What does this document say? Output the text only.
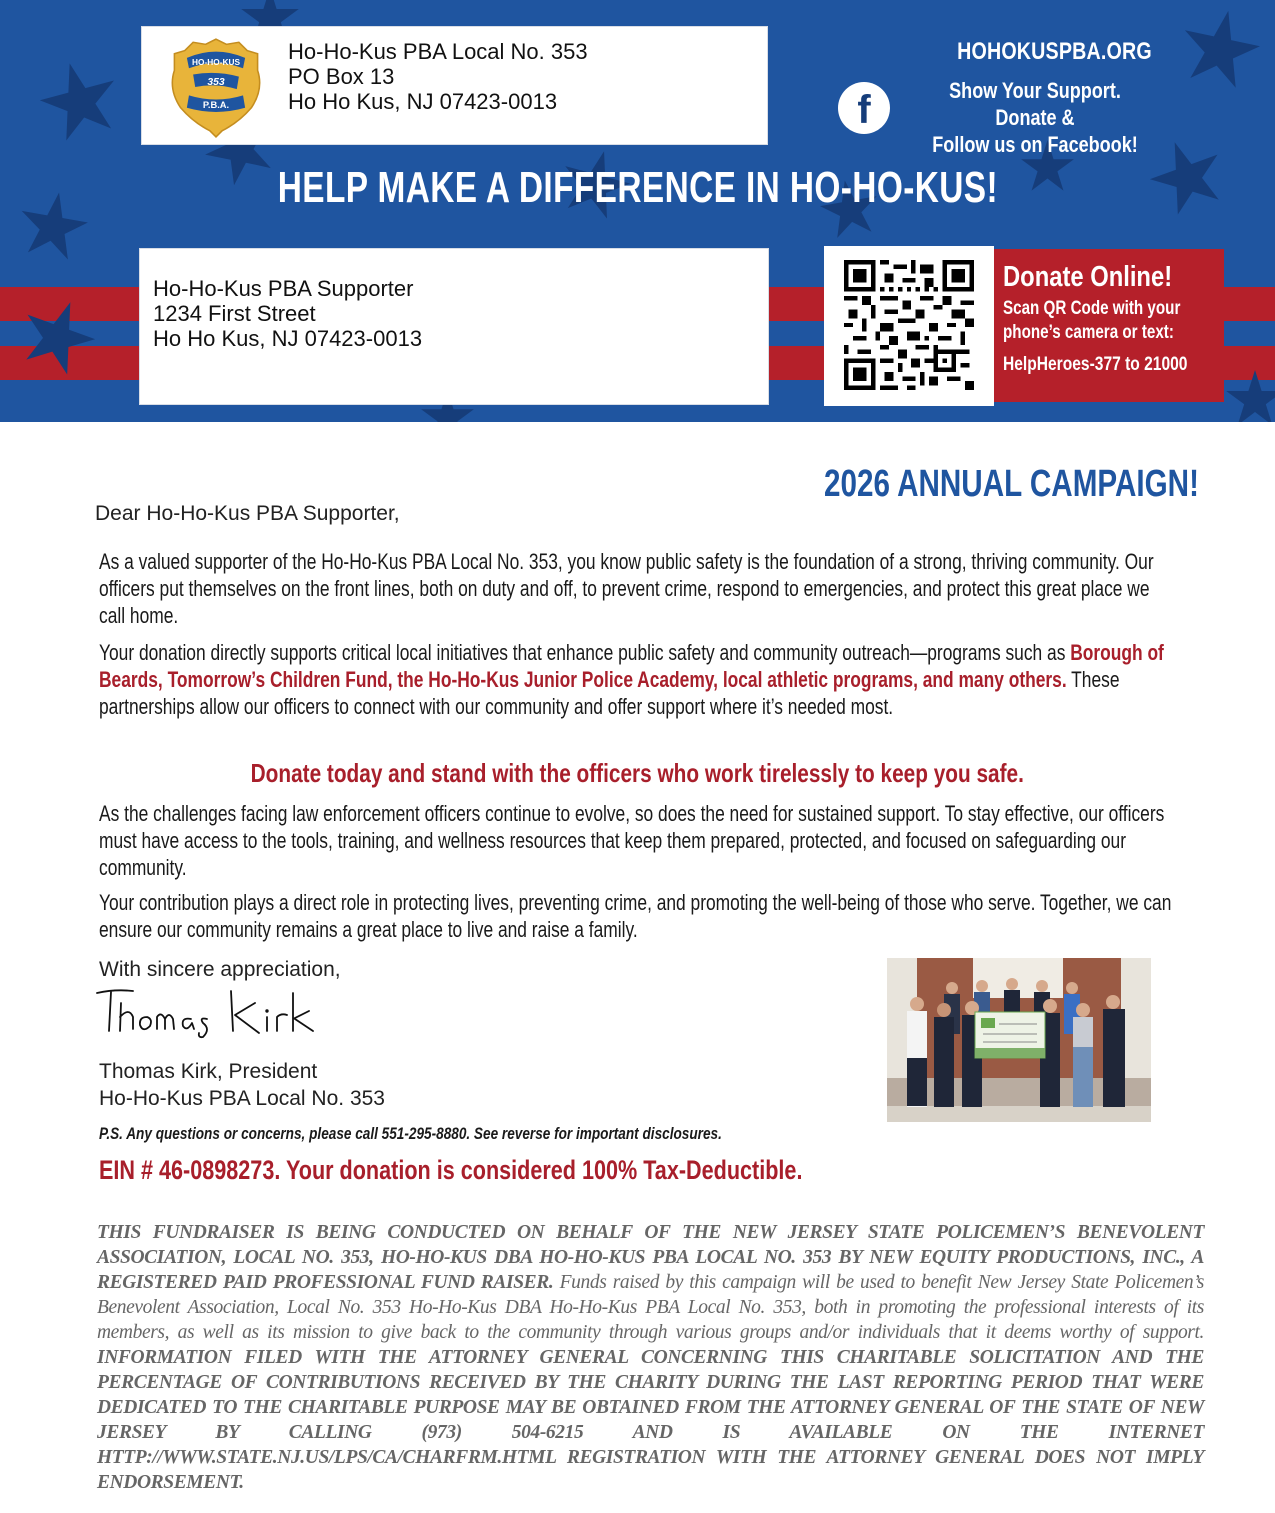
HO-HO-KUS
353
P.B.A.
Ho-Ho-Kus PBA Local No. 353
PO Box 13
Ho Ho Kus, NJ 07423-0013
HOHOKUSPBA.ORG
f	Show Your Support. Donate &
Follow us on Facebook!
HELP MAKE A DIFFERENCE IN HO-HO-KUS!
Ho-Ho-Kus PBA Supporter
1234 First Street
Ho Ho Kus, NJ 07423-0013
Donate Online!
Scan QR Code with your
phone’s camera or text:
HelpHeroes-377 to 21000
2026 ANNUAL CAMPAIGN!
Dear Ho-Ho-Kus PBA Supporter,
As a valued supporter of the Ho-Ho-Kus PBA Local No. 353, you know public safety is the foundation of a strong, thriving community. Our officers put themselves on the front lines, both on duty and off, to prevent crime, respond to emergencies, and protect this great place we call home.
Your donation directly supports critical local initiatives that enhance public safety and community outreach—programs such as Borough of Beards, Tomorrow’s Children Fund, the Ho-Ho-Kus Junior Police Academy, local athletic programs, and many others. These partnerships allow our officers to connect with our community and offer support where it’s needed most.
Donate today and stand with the officers who work tirelessly to keep you safe.
As the challenges facing law enforcement officers continue to evolve, so does the need for sustained support. To stay effective, our officers must have access to the tools, training, and wellness resources that keep them prepared, protected, and focused on safeguarding our community.
Your contribution plays a direct role in protecting lives, preventing crime, and promoting the well-being of those who serve. Together, we can ensure our community remains a great place to live and raise a family.
With sincere appreciation,
Thomas Kirk, President
Ho-Ho-Kus PBA Local No. 353
P.S. Any questions or concerns, please call 551-295-8880. See reverse for important disclosures.
EIN # 46-0898273. Your donation is considered 100% Tax-Deductible.
THIS FUNDRAISER IS BEING CONDUCTED ON BEHALF OF THE NEW JERSEY STATE POLICEMEN’S BENEVOLENT ASSOCIATION, LOCAL NO. 353, HO-HO-KUS DBA HO-HO-KUS PBA LOCAL NO. 353 BY NEW EQUITY PRODUCTIONS, INC., A REGISTERED PAID PROFESSIONAL FUND RAISER. Funds raised by this campaign will be used to benefit New Jersey State Policemen’s Benevolent Association, Local No. 353 Ho-Ho-Kus DBA Ho-Ho-Kus PBA Local No. 353, both in promoting the professional interests of its members, as well as its mission to give back to the community through various groups and/or individuals that it deems worthy of support. INFORMATION FILED WITH THE ATTORNEY GENERAL CONCERNING THIS CHARITABLE SOLICITATION AND THE PERCENTAGE OF CONTRIBUTIONS RECEIVED BY THE CHARITY DURING THE LAST REPORTING PERIOD THAT WERE DEDICATED TO THE CHARITABLE PURPOSE MAY BE OBTAINED FROM THE ATTORNEY GENERAL OF THE STATE OF NEW JERSEY BY CALLING (973) 504-6215 AND IS AVAILABLE ON THE INTERNET HTTP://WWW.STATE.NJ.US/LPS/CA/CHARFRM.HTML REGISTRATION WITH THE ATTORNEY GENERAL DOES NOT IMPLY ENDORSEMENT.
